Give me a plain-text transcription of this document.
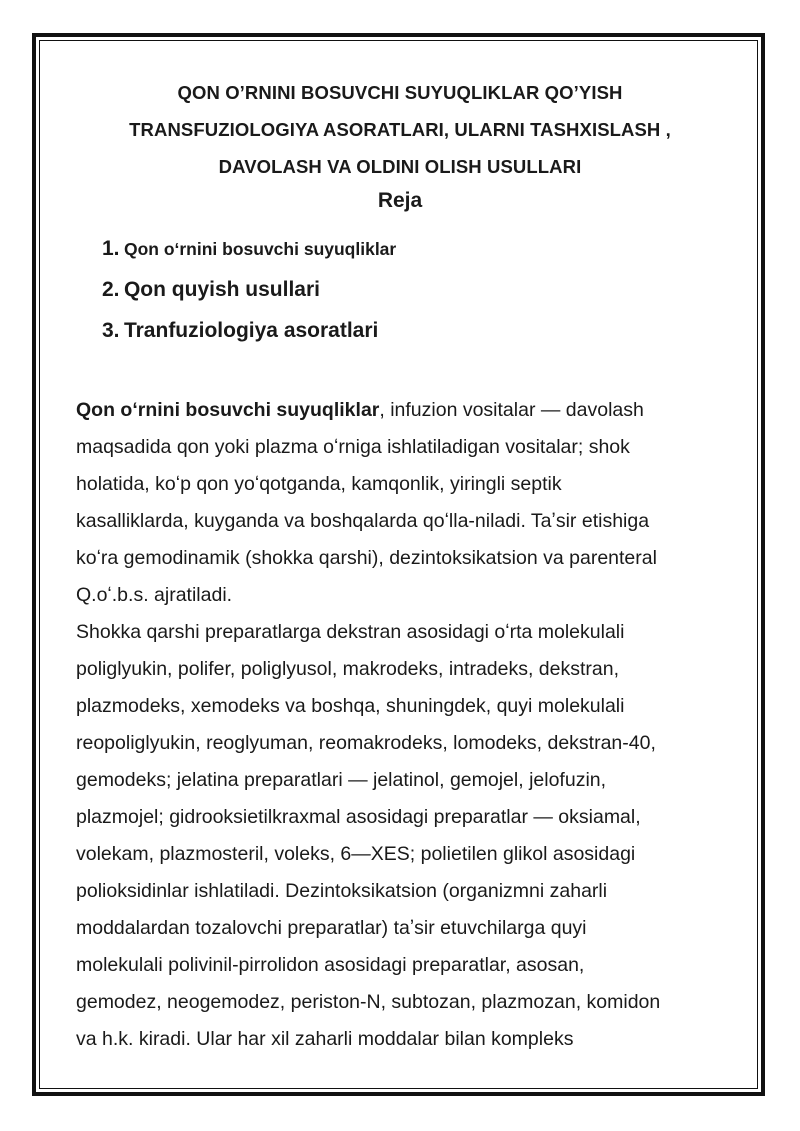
QON O’RNINI BOSUVCHI SUYUQLIKLAR QO’YISH
TRANSFUZIOLOGIYA ASORATLARI, ULARNI TASHXISLASH ,
DAVOLASH VA OLDINI OLISH USULLARI
Reja
1. Qon oʻrnini bosuvchi suyuqliklar
2. Qon quyish usullari
3. Tranfuziologiya asoratlari
Qon oʻrnini bosuvchi suyuqliklar, infuzion vositalar — davolash
maqsadida qon yoki plazma oʻrniga ishlatiladigan vositalar; shok
holatida, koʻp qon yoʻqotganda, kamqonlik, yiringli septik
kasalliklarda, kuyganda va boshqalarda qoʻlla-niladi. Taʼsir etishiga
koʻra gemodinamik (shokka qarshi), dezintoksikatsion va parenteral
Q.oʻ.b.s. ajratiladi.
Shokka qarshi preparatlarga dekstran asosidagi oʻrta molekulali
poliglyukin, polifer, poliglyusol, makrodeks, intradeks, dekstran,
plazmodeks, xemodeks va boshqa, shuningdek, quyi molekulali
reopoliglyukin, reoglyuman, reomakrodeks, lomodeks, dekstran-40,
gemodeks; jelatina preparatlari — jelatinol, gemojel, jelofuzin,
plazmojel; gidrooksietilkraxmal asosidagi preparatlar — oksiamal,
volekam, plazmosteril, voleks, 6—XES; polietilen glikol asosidagi
polioksidinlar ishlatiladi. Dezintoksikatsion (organizmni zaharli
moddalardan tozalovchi preparatlar) taʼsir etuvchilarga quyi
molekulali polivinil-pirrolidon asosidagi preparatlar, asosan,
gemodez, neogemodez, periston-N, subtozan, plazmozan, komidon
va h.k. kiradi. Ular har xil zaharli moddalar bilan kompleks
